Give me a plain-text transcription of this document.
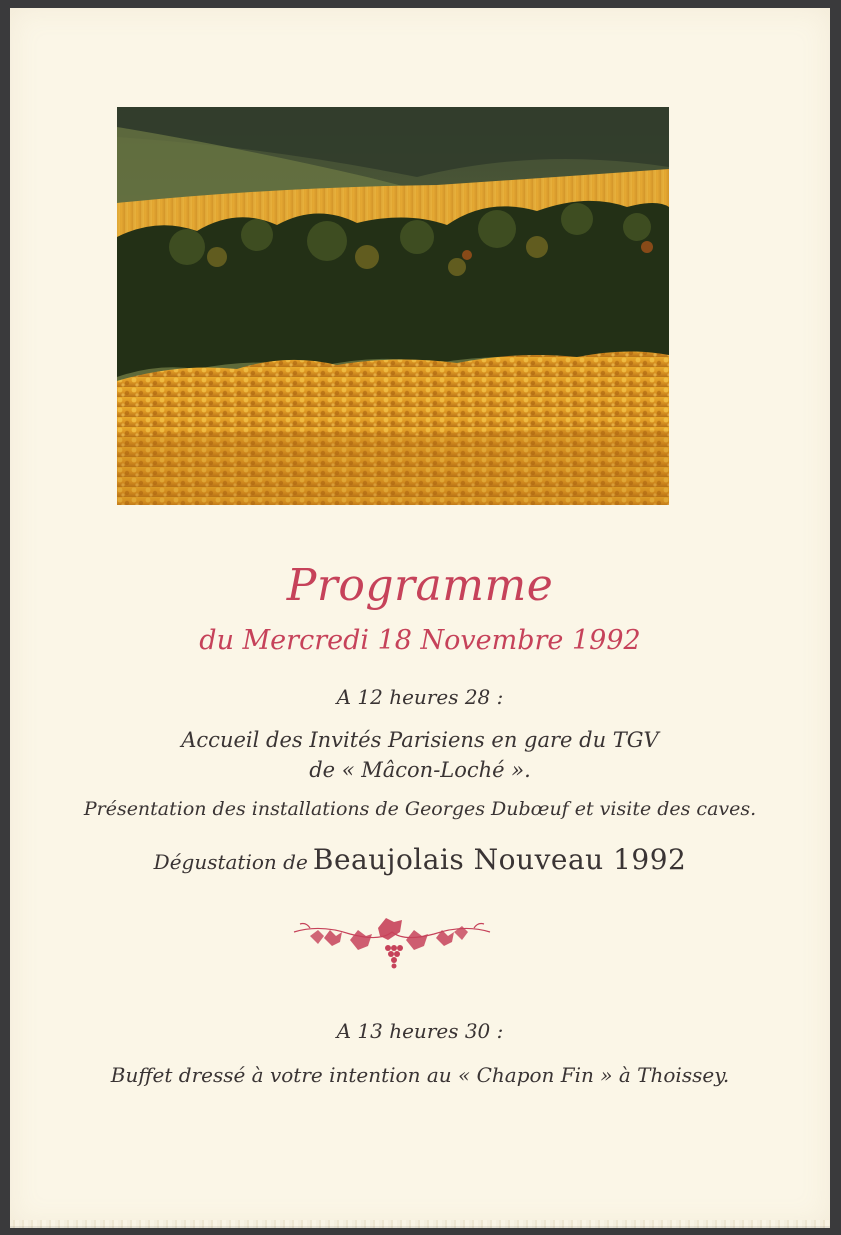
Programme
du Mercredi 18 Novembre 1992
A 12 heures 28 :
Accueil des Invités Parisiens en gare du TGV
de « Mâcon-Loché ».
Présentation des installations de Georges Dubœuf et visite des caves.
Dégustation de Beaujolais Nouveau 1992
A 13 heures 30 :
Buffet dressé à votre intention au « Chapon Fin » à Thoissey.
